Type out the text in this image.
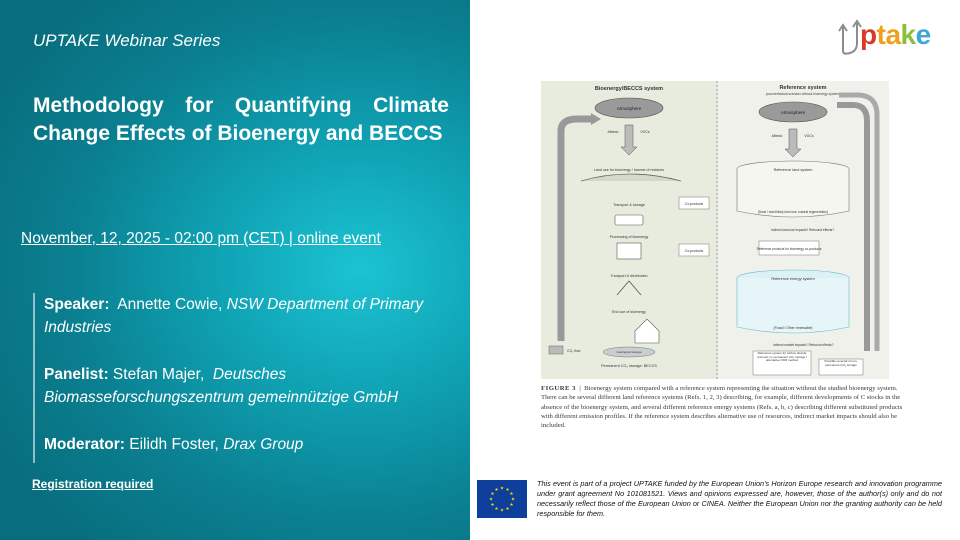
UPTAKE Webinar Series
Methodology for Quantifying Climate Change Effects of Bioenergy and BECCS
November, 12, 2025 - 02:00 pm (CET) | online event
Speaker: Annette Cowie, NSW Department of Primary Industries
Panelist: Stefan Majer, Deutsches Biomasseforschungszentrum gemeinnützige GmbH
Moderator: Eilidh Foster, Drax Group
Registration required
ptake
Bioenergy/BECCS system
Atmosphere
Albedo	VOCs
Land use for bioenergy / harvest of residues
Transport & storage
Processing of bioenergy
Transport & distribution
End use of bioenergy
Geological storage
Permanent CO₂ storage: BECCS
Co-products
Co-products
CO₂ flow
Reference system
(counterfactual scenario without bioenergy system)
Atmosphere
Albedo	VOCs
Reference land system
(Most / most likely land use, natural regeneration)
Indirect land-use impacts? Rebound effects?
Reference products for bioenergy co-products
Reference energy system
(Fossil / Other renewable)
Indirect market impacts? Rebound effects?
Reference system for carbon dioxide removal: no permanent CO₂ storage / alternative CDR method	Possible reversal of non-permanent CO₂ storage
FIGURE 3  |  Bioenergy system compared with a reference system representing the situation without the studied bioenergy system. There can be several different land reference systems (Refs. 1, 2, 3) describing, for example, different developments of C stocks in the absence of the bioenergy system, and several different reference energy systems (Refs. a, b, c) describing different substituted products with different emission profiles. If the reference system describes alternative use of resources, indirect market impacts should also be included.
This event is part of a project UPTAKE funded by the European Union's Horizon Europe research and innovation programme under grant agreement No 101081521. Views and opinions expressed are, however, those of the author(s) only and do not necessarily reflect those of the European Union or CINEA. Neither the European Union nor the granting authority can be held responsible for them.
